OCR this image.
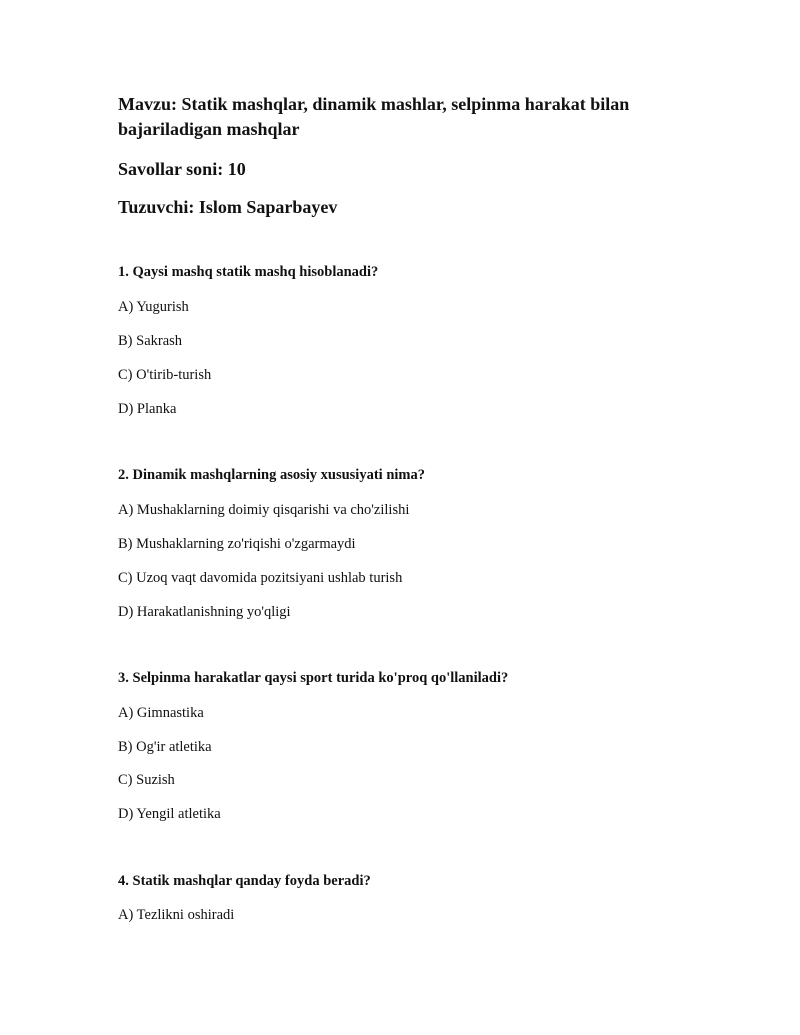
Mavzu: Statik mashqlar, dinamik mashlar, selpinma harakat bilan bajariladigan mashqlar

Savollar soni: 10

Tuzuvchi: Islom Saparbayev

1. Qaysi mashq statik mashq hisoblanadi?

A) Yugurish

B) Sakrash

C) O'tirib-turish

D) Planka

2. Dinamik mashqlarning asosiy xususiyati nima?

A) Mushaklarning doimiy qisqarishi va cho'zilishi

B) Mushaklarning zo'riqishi o'zgarmaydi

C) Uzoq vaqt davomida pozitsiyani ushlab turish

D) Harakatlanishning yo'qligi

3. Selpinma harakatlar qaysi sport turida ko'proq qo'llaniladi?

A) Gimnastika

B) Og'ir atletika

C) Suzish

D) Yengil atletika

4. Statik mashqlar qanday foyda beradi?

A) Tezlikni oshiradi
